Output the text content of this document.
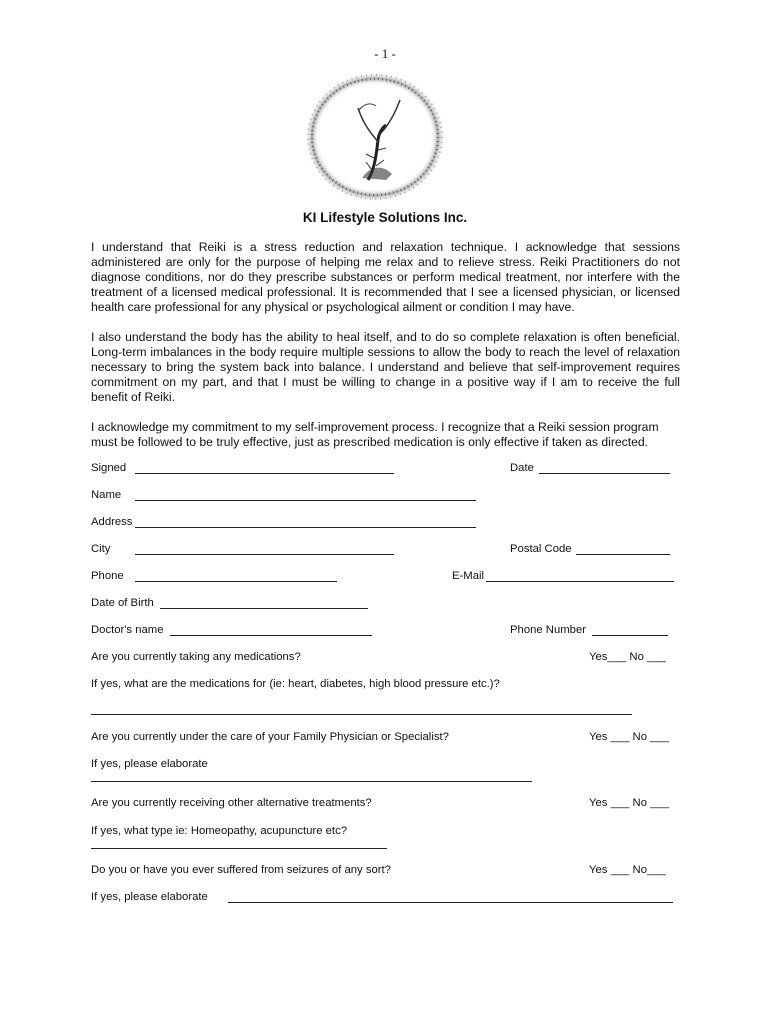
- 1 -
KI Lifestyle Solutions Inc.

I understand that Reiki is a stress reduction and relaxation technique. I acknowledge that sessions administered are only for the purpose of helping me relax and to relieve stress. Reiki Practitioners do not diagnose conditions, nor do they prescribe substances or perform medical treatment, nor interfere with the treatment of a licensed medical professional. It is recommended that I see a licensed physician, or licensed health care professional for any physical or psychological ailment or condition I may have.

I also understand the body has the ability to heal itself, and to do so complete relaxation is often beneficial. Long-term imbalances in the body require multiple sessions to allow the body to reach the level of relaxation necessary to bring the system back into balance. I understand and believe that self-improvement requires commitment on my part, and that I must be willing to change in a positive way if I am to receive the full benefit of Reiki.

I acknowledge my commitment to my self-improvement process. I recognize that a Reiki session program must be followed to be truly effective, just as prescribed medication is only effective if taken as directed.

Signed	Date
Name
Address
City	Postal Code
Phone	E-Mail
Date of Birth
Doctor's name	Phone Number
Are you currently taking any medications?	Yes___ No ___
If yes, what are the medications for (ie: heart, diabetes, high blood pressure etc.)?
Are you currently under the care of your Family Physician or Specialist?	Yes ___ No ___
If yes, please elaborate
Are you currently receiving other alternative treatments?	Yes ___ No ___
If yes, what type ie: Homeopathy, acupuncture etc?
Do you or have you ever suffered from seizures of any sort?	Yes ___ No___
If yes, please elaborate
